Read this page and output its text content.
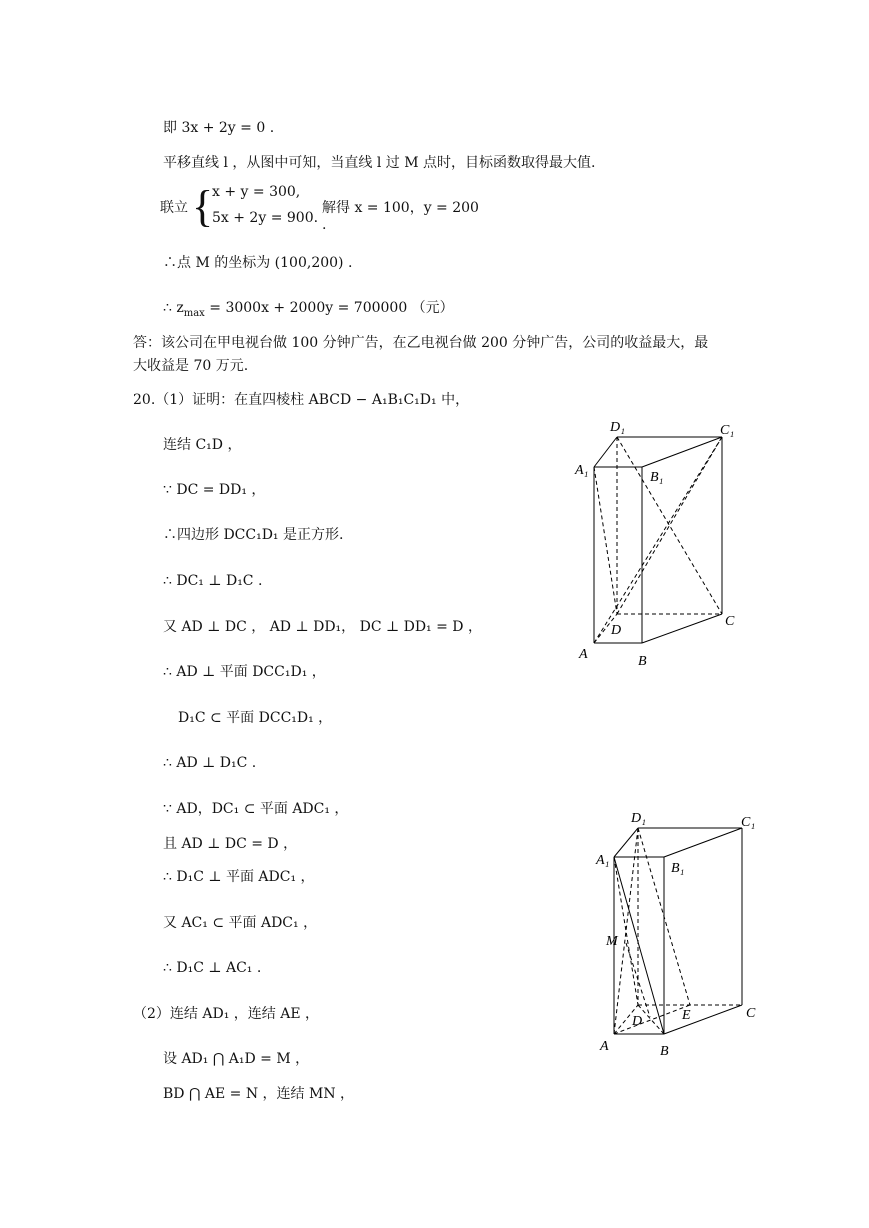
即 3x + 2y = 0 .
平移直线 l ，从图中可知，当直线 l 过 M 点时，目标函数取得最大值.
联立 {
x + y = 300,
5x + 2y = 900.
解得 x = 100，y = 200 .
∴点 M 的坐标为 (100,200) .
∴ $z_{max} = 3000x + 2000y = 700000$ （元）
答：该公司在甲电视台做 100 分钟广告，在乙电视台做 200 分钟广告，公司的收益最大，最
大收益是 70 万元.
20.（1）证明：在直四棱柱 ABCD − A₁B₁C₁D₁ 中，
连结 C₁D ，
∵ DC = DD₁ ，
∴四边形 DCC₁D₁ 是正方形.
∴ DC₁ ⊥ D₁C .
又 AD ⊥ DC ， AD ⊥ DD₁， DC ⊥ DD₁ = D ，
∴ AD ⊥ 平面 DCC₁D₁ ，
D₁C ⊂ 平面 DCC₁D₁ ，
∴ AD ⊥ D₁C .
∵ AD，DC₁ ⊂ 平面 ADC₁ ，
且 AD ⊥ DC = D ，
∴ D₁C ⊥ 平面 ADC₁ ，
又 AC₁ ⊂ 平面 ADC₁ ，
∴ D₁C ⊥ AC₁ .
（2）连结 AD₁ ，连结 AE ，
设 AD₁ ⋂ A₁D = M ，
BD ⋂ AE = N ，连结 MN ，
D₁	C₁
A₁	B₁
D
C
A	B
D₁	C₁
A₁
B₁
M
D	E	C
A	B
